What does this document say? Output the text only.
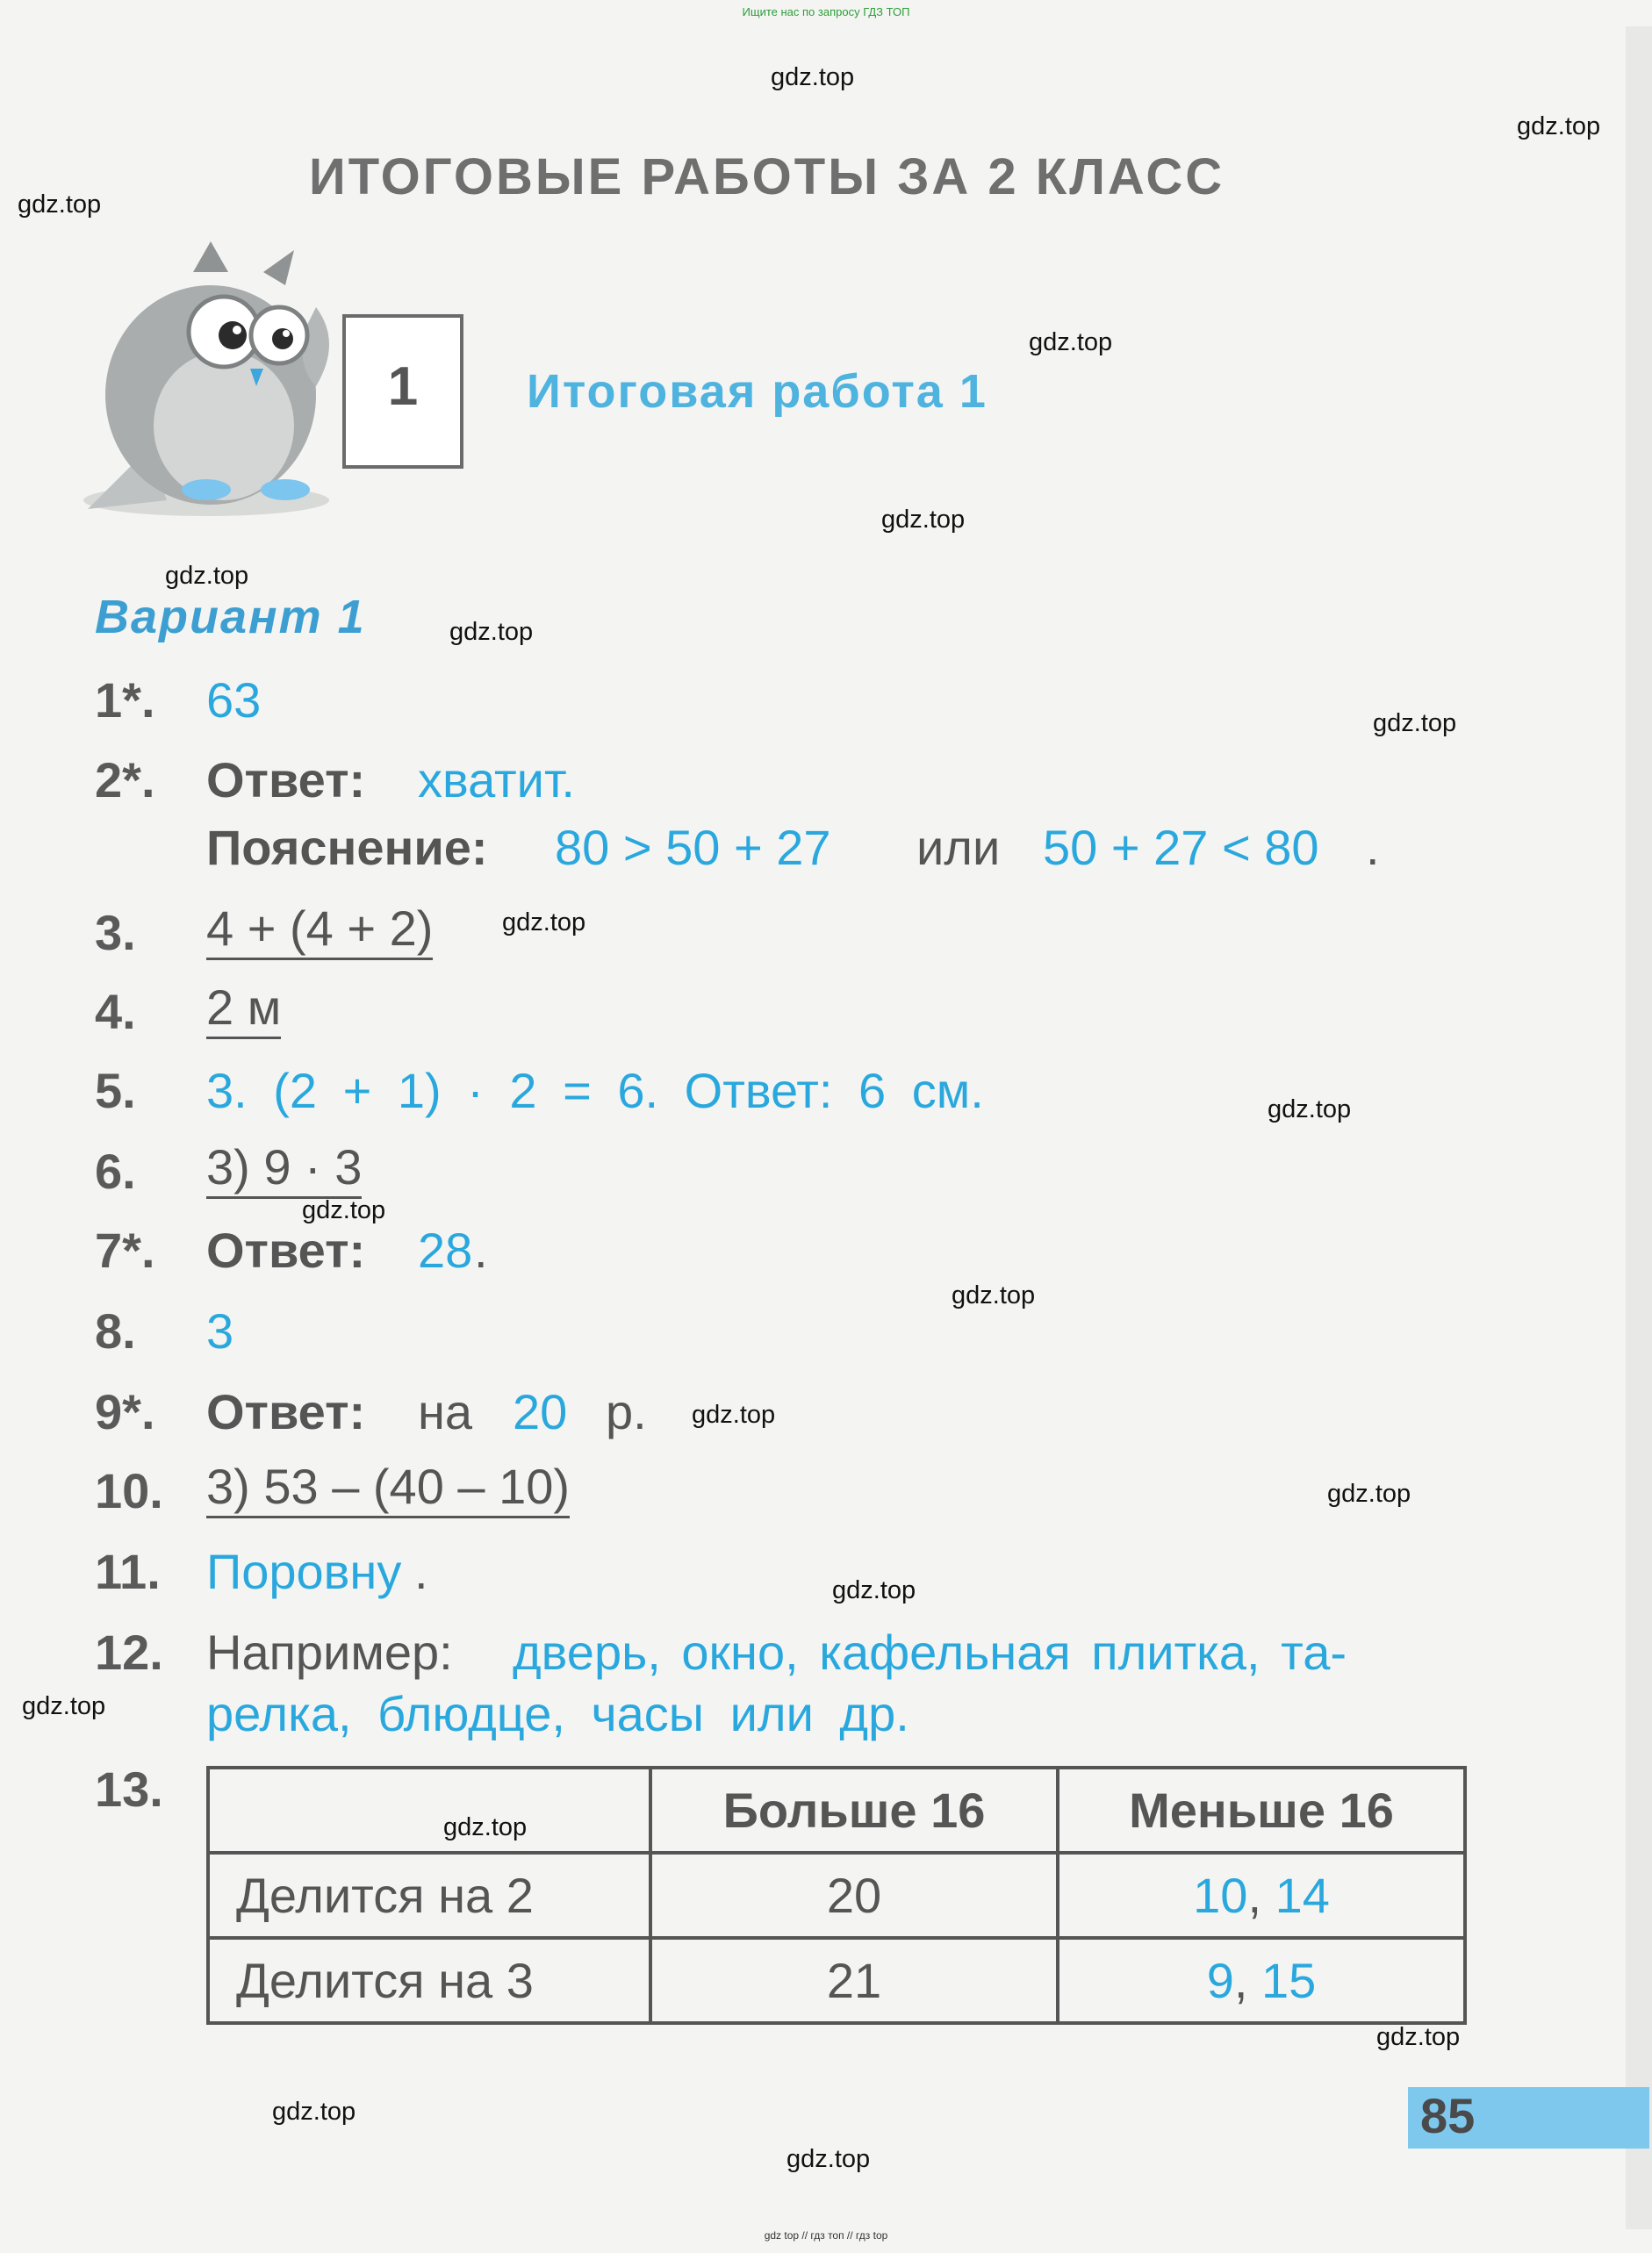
Ищите нас по запросу ГДЗ ТОП
gdz.top
gdz.top
gdz.top
gdz.top
gdz.top
gdz.top
gdz.top
gdz.top
gdz.top
gdz.top
gdz.top
gdz.top
gdz.top
gdz.top
gdz.top
gdz.top
gdz.top
gdz.top
gdz.top
gdz.top
ИТОГОВЫЕ РАБОТЫ ЗА 2 КЛАСС
1	Итоговая работа 1
Вариант 1
1*. 63
2*. Ответ: хватит.
Пояснение: 80 > 50 + 27 или 50 + 27 < 80 .
3. 4 + (4 + 2)
4. 2 м
5. 3. (2 + 1) · 2 = 6. Ответ: 6 см.
6. 3) 9 · 3
7*. Ответ: 28 .
8. 3
9*. Ответ: на 20 р.
10. 3) 53 – (40 – 10)
11. Поровну .
12. Например: дверь, окно, кафельная плитка, та-
релка, блюдце, часы или др.
13.
		Больше 16	Меньше 16
Делится на 2	20	10, 14
Делится на 3	21	9, 15
85
gdz top // гдз топ // гдз top
